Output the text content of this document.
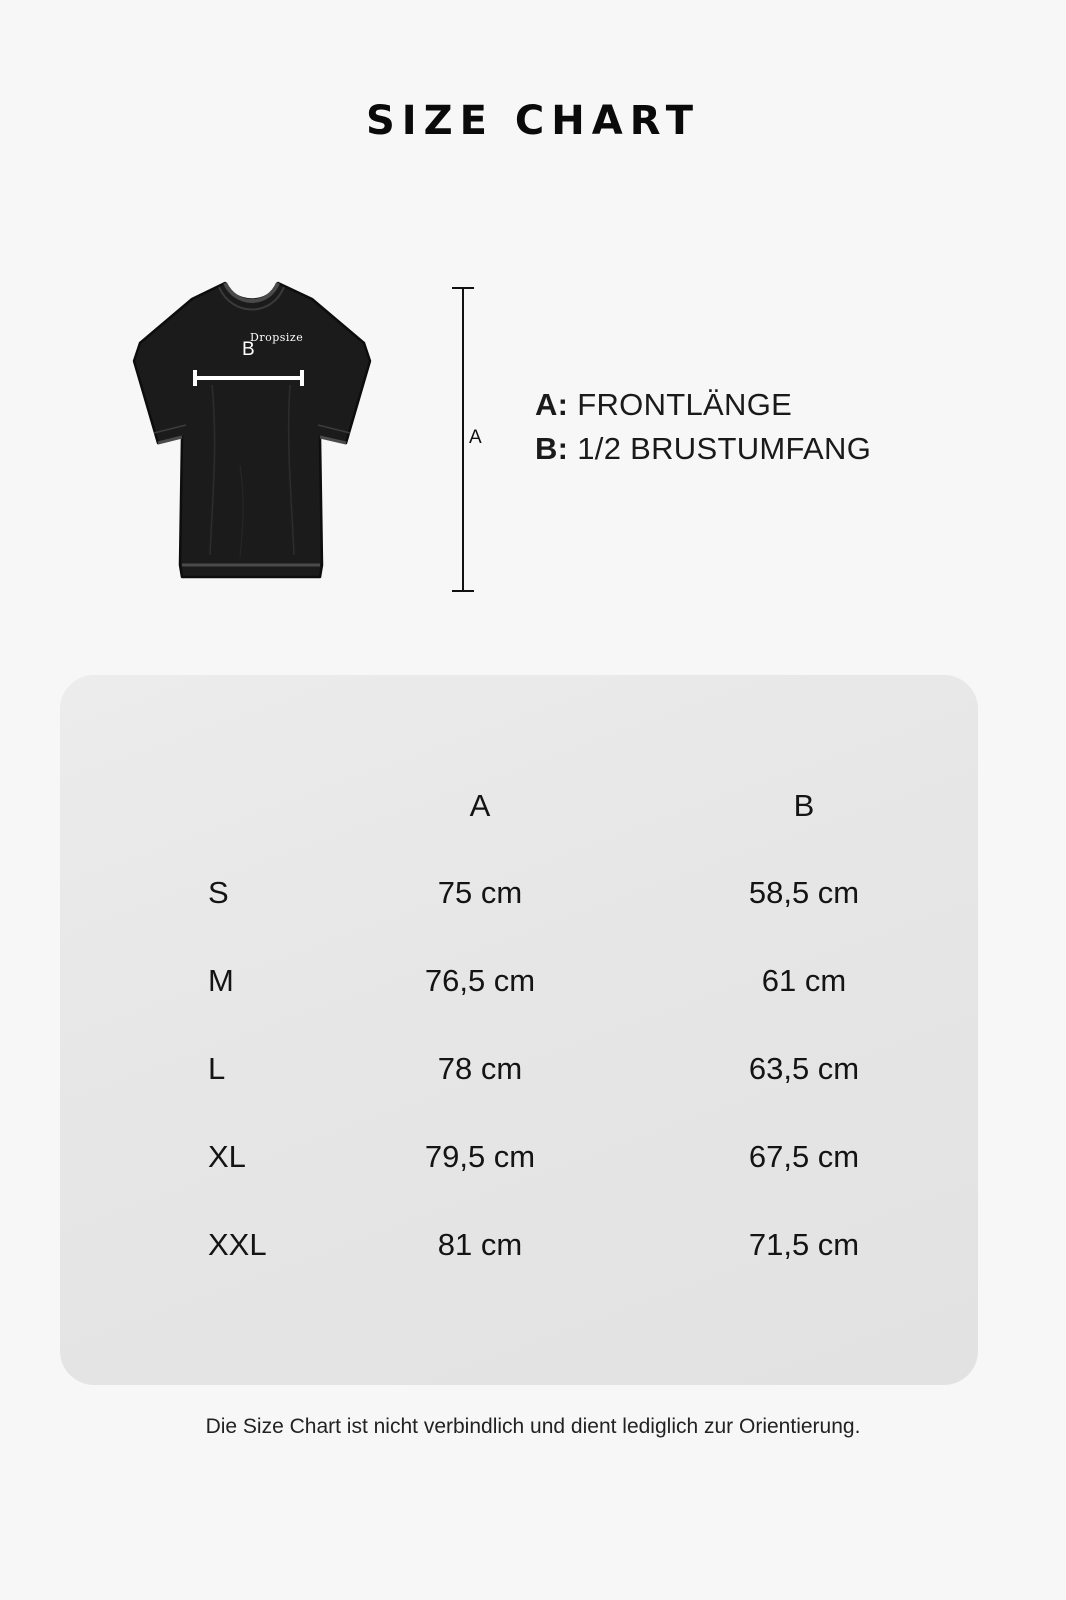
SIZE CHART
Dropsize
B
A
A: FRONTLÄNGE
B: 1/2 BRUSTUMFANG
	A	B
S	75 cm	58,5 cm
M	76,5 cm	61 cm
L	78 cm	63,5 cm
XL	79,5 cm	67,5 cm
XXL	81 cm	71,5 cm
Die Size Chart ist nicht verbindlich und dient lediglich zur Orientierung.
